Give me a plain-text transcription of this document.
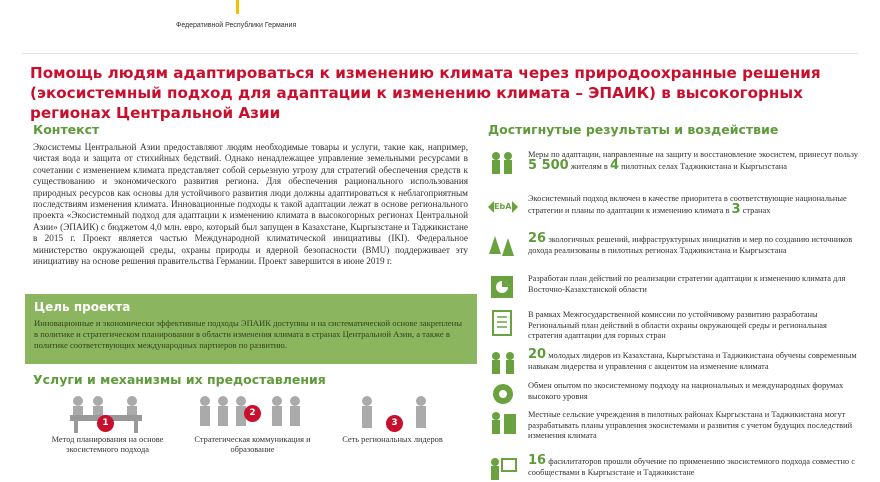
Федеративной Республики Германия
Помощь людям адаптироваться к изменению климата через природоохранные решения (экосистемный подход для адаптации к изменению климата – ЭПАИК) в высокогорных регионах Центральной Азии
Контекст
Экосистемы Центральной Азии предоставляют людям необходимые товары и услуги, такие как, например, чистая вода и защита от стихийных бедствий. Однако ненадлежащее управление земельными ресурсами в сочетании с изменением климата представляет собой серьезную угрозу для стратегий обеспечения средств к существованию и экономического развития региона. Для обеспечения рационального использования природных ресурсов как основы для устойчивого развития люди должны адаптироваться к неблагоприятным последствиям изменения климата. Инновационные подходы к такой адаптации лежат в основе регионального проекта «Экосистемный подход для адаптации к изменению климата в высокогорных регионах Центральной Азии» (ЭПАИК) с бюджетом 4,0 млн. евро, который был запущен в Казахстане, Кыргызстане и Таджикистане в 2015 г. Проект является частью Международной климатической инициативы (IKI). Федеральное министерство окружающей среды, охраны природы и ядерной безопасности (BMU) поддерживает эту инициативу на основе решения правительства Германии. Проект завершится в июне 2019 г.
Цель проекта
Инновационные и экономически эффективные подходы ЭПАИК доступны и на систематической основе закреплены в политике и стратегическом планировании в области изменения климата в странах Центральной Азии, а также в политике соответствующих международных партнеров по развитию.
Услуги и механизмы их предоставления
1
Метод планирования на основе экосистемного подхода
2
Стратегическая коммуникация и образование
3
Сеть региональных лидеров
Достигнутые результаты и воздействие
Меры по адаптации, направленные на защиту и восстановление экосистем, принесут пользу 5 500 жителям в 4 пилотных селах Таджикистана и Кыргызстана
EbA
Экосистемный подход включен в качестве приоритета в соответствующие национальные стратегии и планы по адаптации к изменению климата в 3 странах
26 экологичных решений, инфраструктурных инициатив и мер по созданию источников дохода реализованы в пилотных регионах Таджикистана и Кыргызстана
Разработан план действий по реализации стратегии адаптации к изменению климата для Восточно-Казахстанской области
В рамках Межгосударственной комиссии по устойчивому развитию разработаны Региональный план действий в области охраны окружающей среды и региональная стратегия адаптации для горных стран
20 молодых лидеров из Казахстана, Кыргызстана и Таджикистана обучены современным навыкам лидерства и управления с акцентом на изменение климата
Обмен опытом по экосистемному подходу на национальных и международных форумах высокого уровня
Местные сельские учреждения в пилотных районах Кыргызстана и Таджикистана могут разрабатывать планы управления экосистемами и развития с учетом будущих последствий изменения климата
16 фасилитаторов прошли обучение по применению экосистемного подхода совместно с сообществами в Кыргызстане и Таджикистане
